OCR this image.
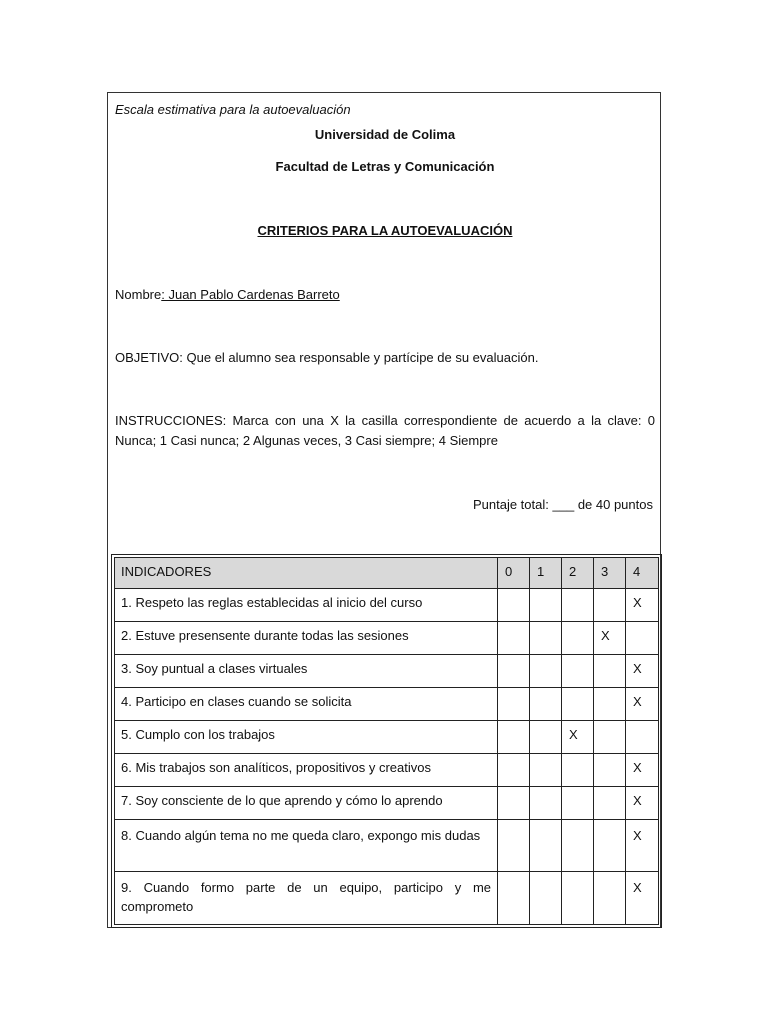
Escala estimativa para la autoevaluación
Universidad de Colima
Facultad de Letras y Comunicación
CRITERIOS PARA LA AUTOEVALUACIÓN
Nombre: Juan Pablo Cardenas Barreto
OBJETIVO: Que el alumno sea responsable y partícipe de su evaluación.
INSTRUCCIONES: Marca con una X la casilla correspondiente de acuerdo a la clave: 0 Nunca; 1 Casi nunca; 2 Algunas veces, 3 Casi siempre; 4 Siempre
Puntaje total: ___ de 40 puntos
INDICADORES	0	1	2	3	4
1. Respeto las reglas establecidas al inicio del curso					X
2. Estuve presensente durante todas las sesiones				X	
3. Soy puntual a clases virtuales					X
4. Participo en clases cuando se solicita					X
5. Cumplo con los trabajos			X		
6. Mis trabajos son analíticos, propositivos y creativos					X
7. Soy consciente de lo que aprendo y cómo lo aprendo					X
8. Cuando algún tema no me queda claro, expongo mis dudas					X
9. Cuando formo parte de un equipo, participo y me comprometo					X
